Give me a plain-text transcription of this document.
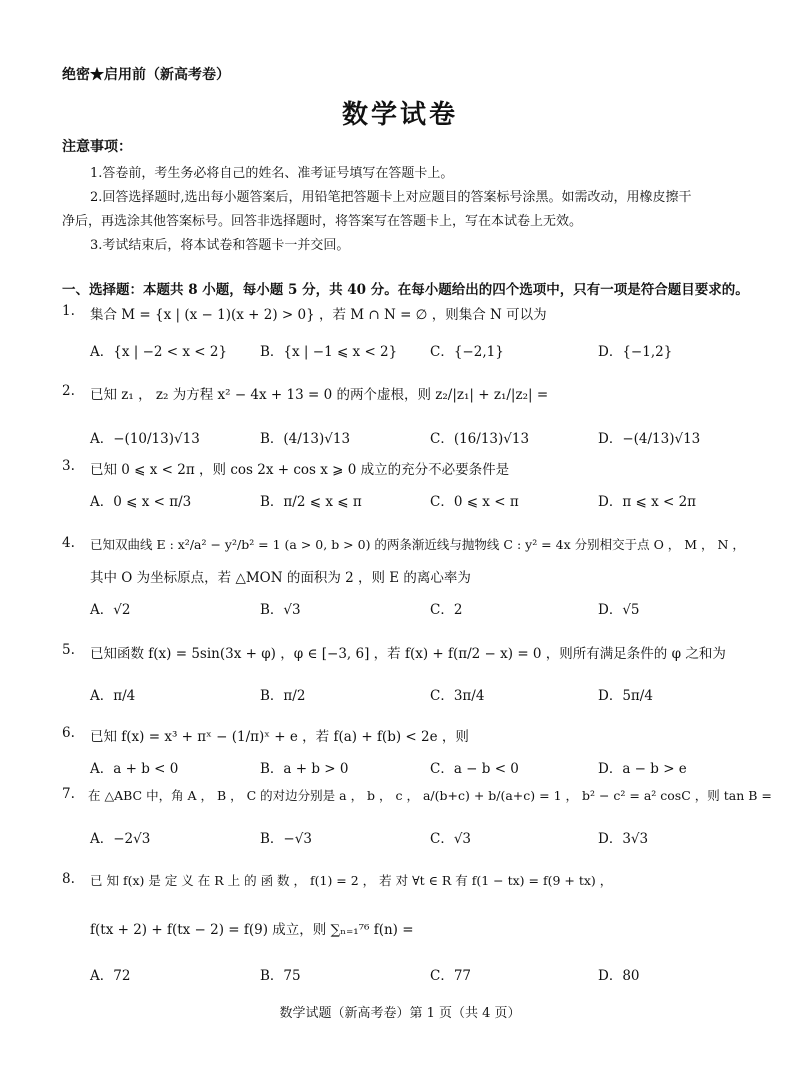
绝密★启用前（新高考卷）
数学试卷
注意事项：
1.答卷前，考生务必将自己的姓名、准考证号填写在答题卡上。
2.回答选择题时,选出每小题答案后，用铅笔把答题卡上对应题目的答案标号涂黑。如需改动，用橡皮擦干
净后，再选涂其他答案标号。回答非选择题时，将答案写在答题卡上，写在本试卷上无效。
3.考试结束后，将本试卷和答题卡一并交回。
一、选择题：本题共 8 小题，每小题 5 分，共 40 分。在每小题给出的四个选项中，只有一项是符合题目要求的。
1. 集合 M = {x | (x − 1)(x + 2) > 0} ，若 M ∩ N = ∅ ，则集合 N 可以为
A．{x | −2 < x < 2} B．{x | −1 ⩽ x < 2} C．{−2,1}	D．{−1,2}
2. 已知 z₁ ， z₂ 为方程 x² − 4x + 13 = 0 的两个虚根，则 z₂/|z₁| + z₁/|z₂| =
A．−(10/13)√13	B．(4/13)√13	C．(16/13)√13	D．−(4/13)√13
3. 已知 0 ⩽ x < 2π ，则 cos 2x + cos x ⩾ 0 成立的充分不必要条件是
A．0 ⩽ x < π/3	B．π/2 ⩽ x ⩽ π	C．0 ⩽ x < π	D．π ⩽ x < 2π
4. 已知双曲线 E : x²/a² − y²/b² = 1 (a > 0, b > 0) 的两条渐近线与抛物线 C : y² = 4x 分别相交于点 O ， M ， N ，
其中 O 为坐标原点，若 △MON 的面积为 2 ，则 E 的离心率为
A．√2	B．√3	C．2	D．√5
5. 已知函数 f(x) = 5sin(3x + φ) ，φ ∈ [−3, 6] ，若 f(x) + f(π/2 − x) = 0 ，则所有满足条件的 φ 之和为
A．π/4	B．π/2	C．3π/4	D．5π/4
6. 已知 f(x) = x³ + πˣ − (1/π)ˣ + e ，若 f(a) + f(b) < 2e ，则
A．a + b < 0	B．a + b > 0	C．a − b < 0	D．a − b > e
7. 在 △ABC 中，角 A ， B ， C 的对边分别是 a ， b ， c ， a/(b+c) + b/(a+c) = 1 ， b² − c² = a² cosC ，则 tan B =
A．−2√3	B．−√3	C．√3	D．3√3
8. 已 知 f(x) 是 定 义 在 R 上 的 函 数 ， f(1) = 2 ， 若 对 ∀t ∈ R 有 f(1 − tx) = f(9 + tx) ，
f(tx + 2) + f(tx − 2) = f(9) 成立，则 ∑ₙ₌₁⁷⁶ f(n) =
A．72	B．75	C．77	D．80
数学试题（新高考卷）第 1 页（共 4 页）
